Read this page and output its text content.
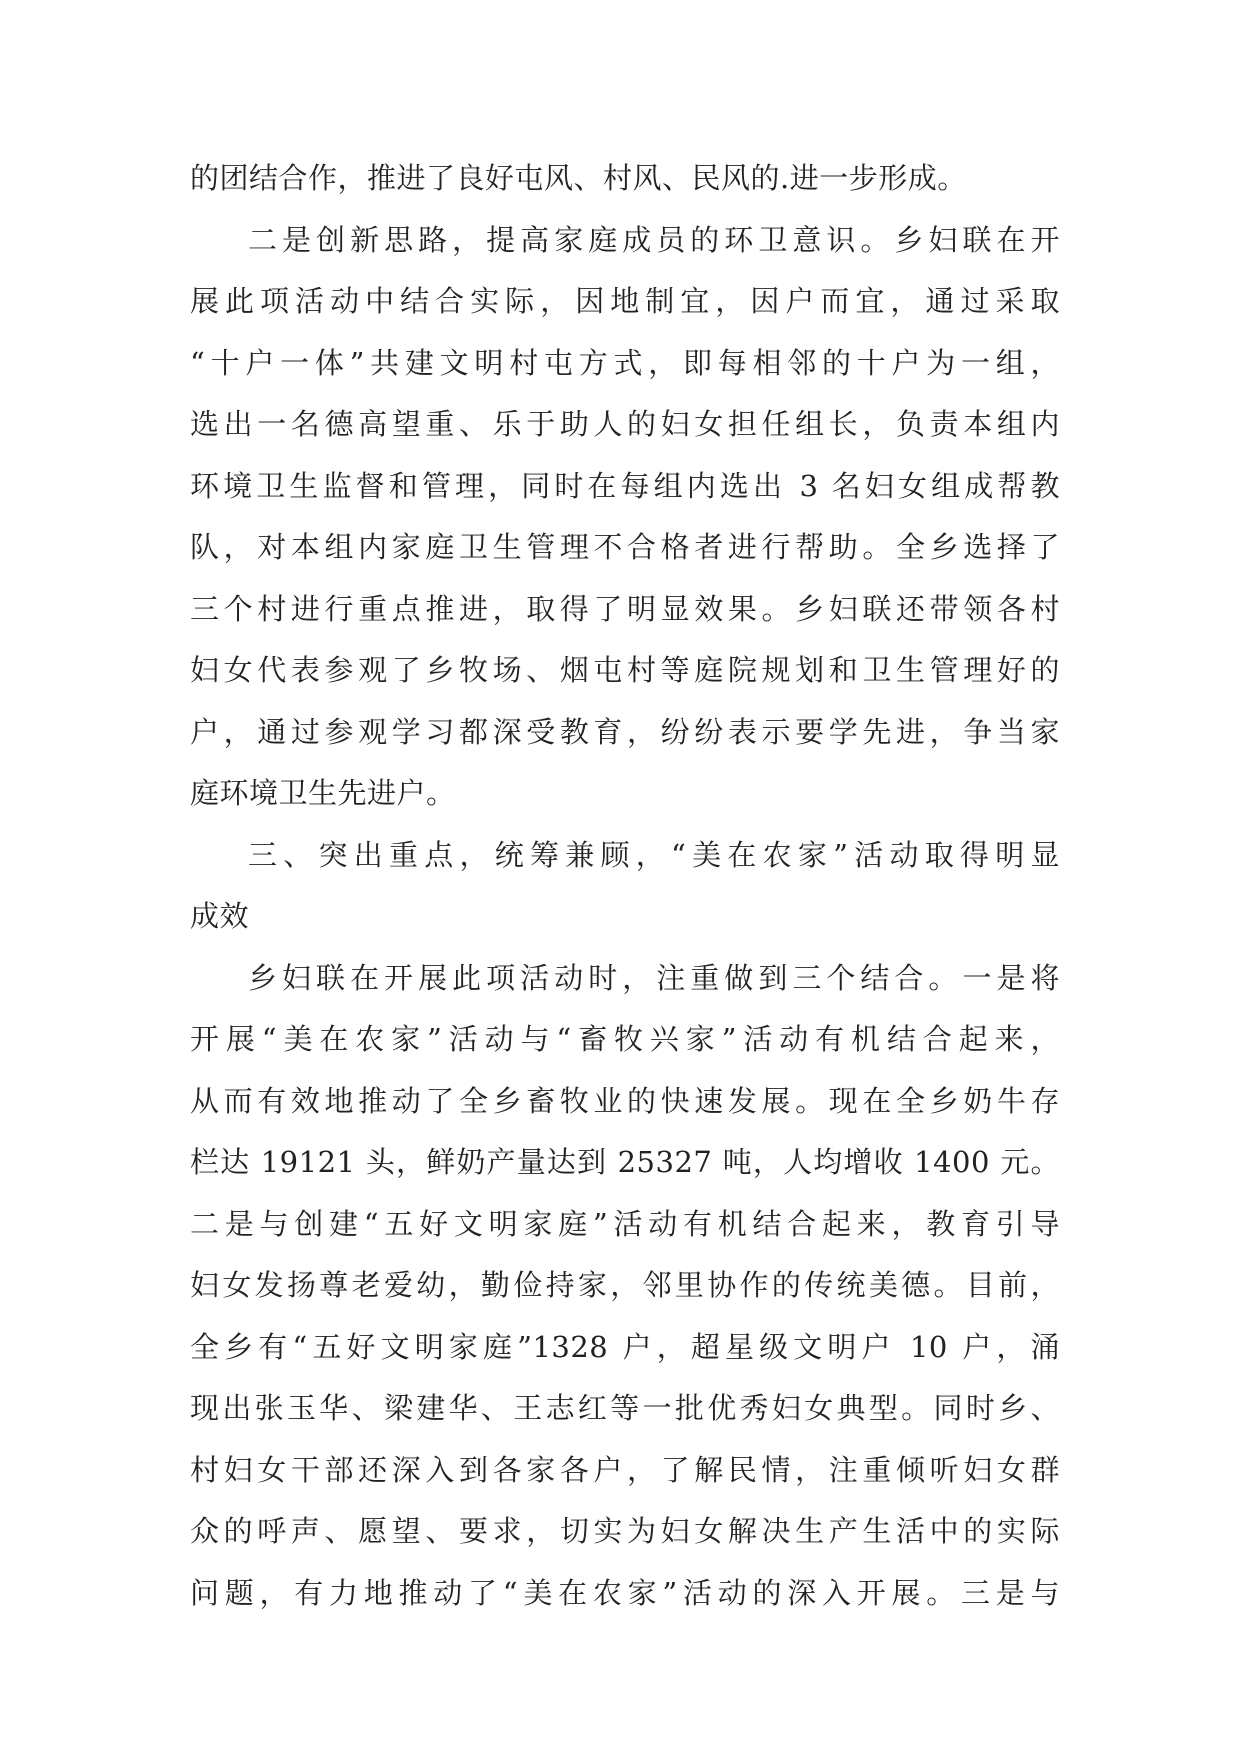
的团结合作，推进了良好屯风、村风、民风的.进一步形成。
二是创新思路，提高家庭成员的环卫意识。乡妇联在开
展此项活动中结合实际，因地制宜，因户而宜，通过采取
“十户一体”共建文明村屯方式，即每相邻的十户为一组，
选出一名德高望重、乐于助人的妇女担任组长，负责本组内
环境卫生监督和管理，同时在每组内选出 3 名妇女组成帮教
队，对本组内家庭卫生管理不合格者进行帮助。全乡选择了
三个村进行重点推进，取得了明显效果。乡妇联还带领各村
妇女代表参观了乡牧场、烟屯村等庭院规划和卫生管理好的
户，通过参观学习都深受教育，纷纷表示要学先进，争当家
庭环境卫生先进户。
三、突出重点，统筹兼顾，“美在农家”活动取得明显
成效
乡妇联在开展此项活动时，注重做到三个结合。一是将
开展“美在农家”活动与“畜牧兴家”活动有机结合起来，
从而有效地推动了全乡畜牧业的快速发展。现在全乡奶牛存
栏达 19121 头，鲜奶产量达到 25327 吨，人均增收 1400 元。
二是与创建“五好文明家庭”活动有机结合起来，教育引导
妇女发扬尊老爱幼，勤俭持家，邻里协作的传统美德。目前，
全乡有“五好文明家庭”1328 户，超星级文明户 10 户，涌
现出张玉华、梁建华、王志红等一批优秀妇女典型。同时乡、
村妇女干部还深入到各家各户，了解民情，注重倾听妇女群
众的呼声、愿望、要求，切实为妇女解决生产生活中的实际
问题，有力地推动了“美在农家”活动的深入开展。三是与
